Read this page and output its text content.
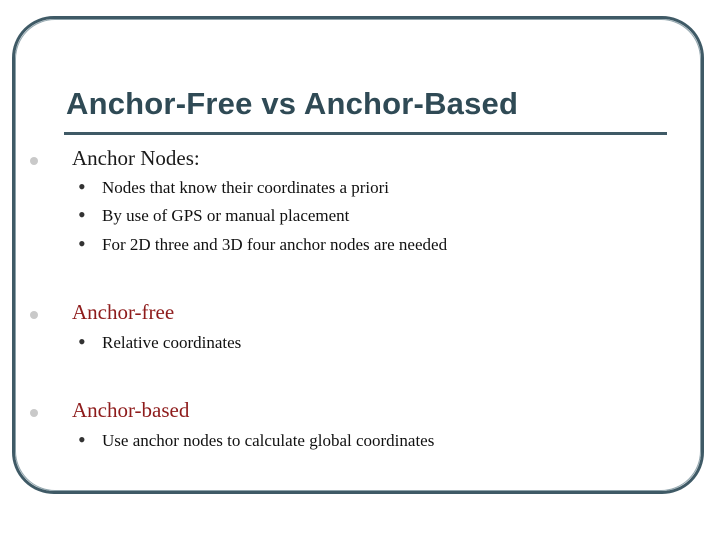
Anchor-Free vs Anchor-Based
Anchor Nodes:
• Nodes that know their coordinates a priori
• By use of GPS or manual placement
• For 2D three and 3D four anchor nodes are needed
Anchor-free
• Relative coordinates
Anchor-based
• Use anchor nodes to calculate global coordinates
